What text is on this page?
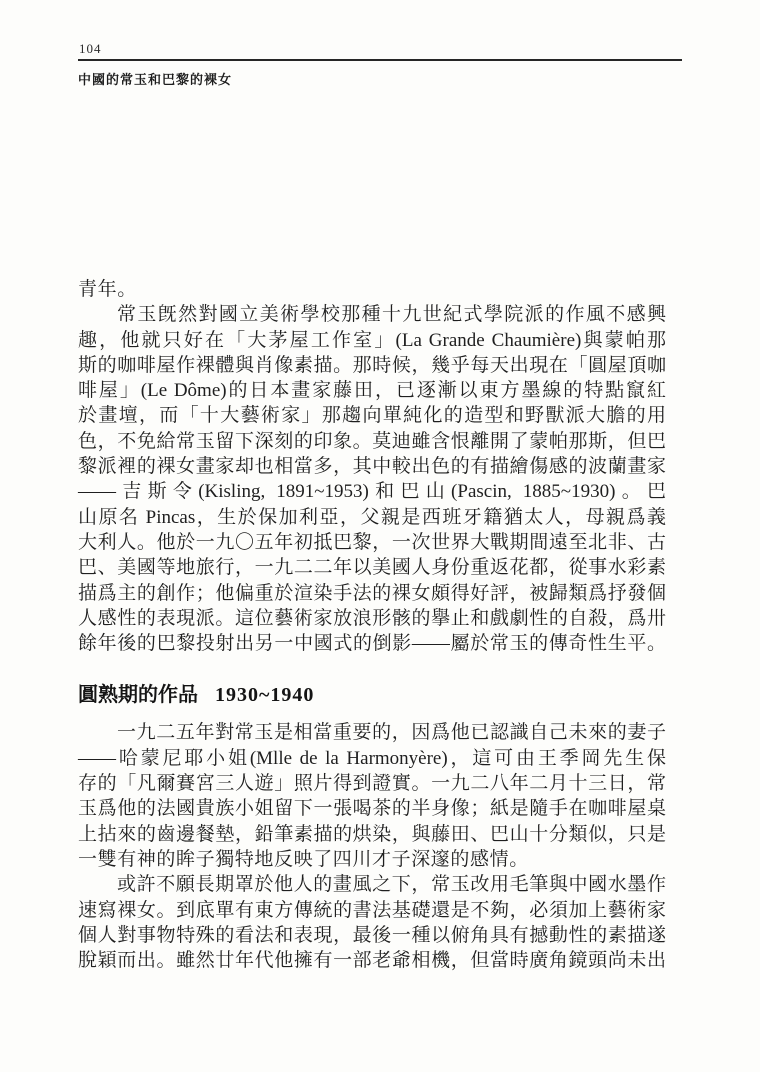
104
中國的常玉和巴黎的裸女
青年。
常玉旣然對國立美術學校那種十九世紀式學院派的作風不感興
趣，他就只好在「大茅屋工作室」(La Grande Chaumière)與蒙帕那
斯的咖啡屋作裸體與肖像素描。那時候，幾乎每天出現在「圓屋頂咖
啡屋」(Le Dôme)的日本畫家藤田，已逐漸以東方墨線的特點竄紅
於畫壇，而「十大藝術家」那趨向單純化的造型和野獸派大膽的用
色，不免給常玉留下深刻的印象。莫迪雖含恨離開了蒙帕那斯，但巴
黎派裡的裸女畫家却也相當多，其中較出色的有描繪傷感的波蘭畫家
——吉斯令(Kisling, 1891~1953)和巴山(Pascin, 1885~1930)。巴
山原名 Pincas，生於保加利亞，父親是西班牙籍猶太人，母親爲義
大利人。他於一九〇五年初抵巴黎，一次世界大戰期間遠至北非、古
巴、美國等地旅行，一九二二年以美國人身份重返花都，從事水彩素
描爲主的創作；他偏重於渲染手法的裸女頗得好評，被歸類爲抒發個
人感性的表現派。這位藝術家放浪形骸的擧止和戲劇性的自殺，爲卅
餘年後的巴黎投射出另一中國式的倒影——屬於常玉的傳奇性生平。
圓熟期的作品 1930~1940
一九二五年對常玉是相當重要的，因爲他已認識自己未來的妻子
——哈蒙尼耶小姐(Mlle de la Harmonyère)，這可由王季岡先生保
存的「凡爾賽宮三人遊」照片得到證實。一九二八年二月十三日，常
玉爲他的法國貴族小姐留下一張喝茶的半身像；紙是隨手在咖啡屋桌
上拈來的齒邊餐墊，鉛筆素描的烘染，與藤田、巴山十分類似，只是
一雙有神的眸子獨特地反映了四川才子深邃的感情。
或許不願長期罩於他人的畫風之下，常玉改用毛筆與中國水墨作
速寫裸女。到底單有東方傳統的書法基礎還是不夠，必須加上藝術家
個人對事物特殊的看法和表現，最後一種以俯角具有撼動性的素描遂
脫穎而出。雖然廿年代他擁有一部老爺相機，但當時廣角鏡頭尚未出
